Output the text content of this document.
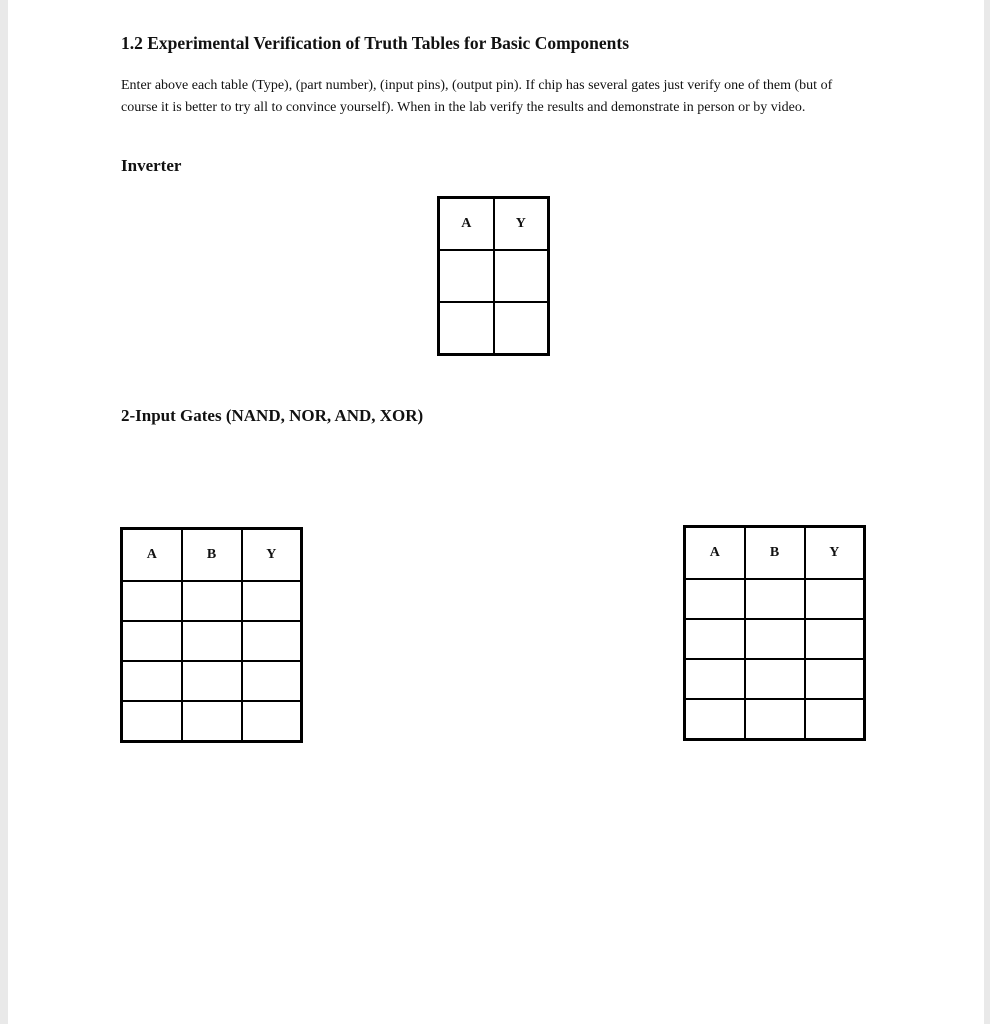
1.2 Experimental Verification of Truth Tables for Basic Components
Enter above each table (Type), (part number), (input pins), (output pin). If chip has several gates just verify one of them (but of course it is better to try all to convince yourself). When in the lab verify the results and demonstrate in person or by video.
Inverter
A	Y

2-Input Gates (NAND, NOR, AND, XOR)
A	B	Y

			A	B	Y
